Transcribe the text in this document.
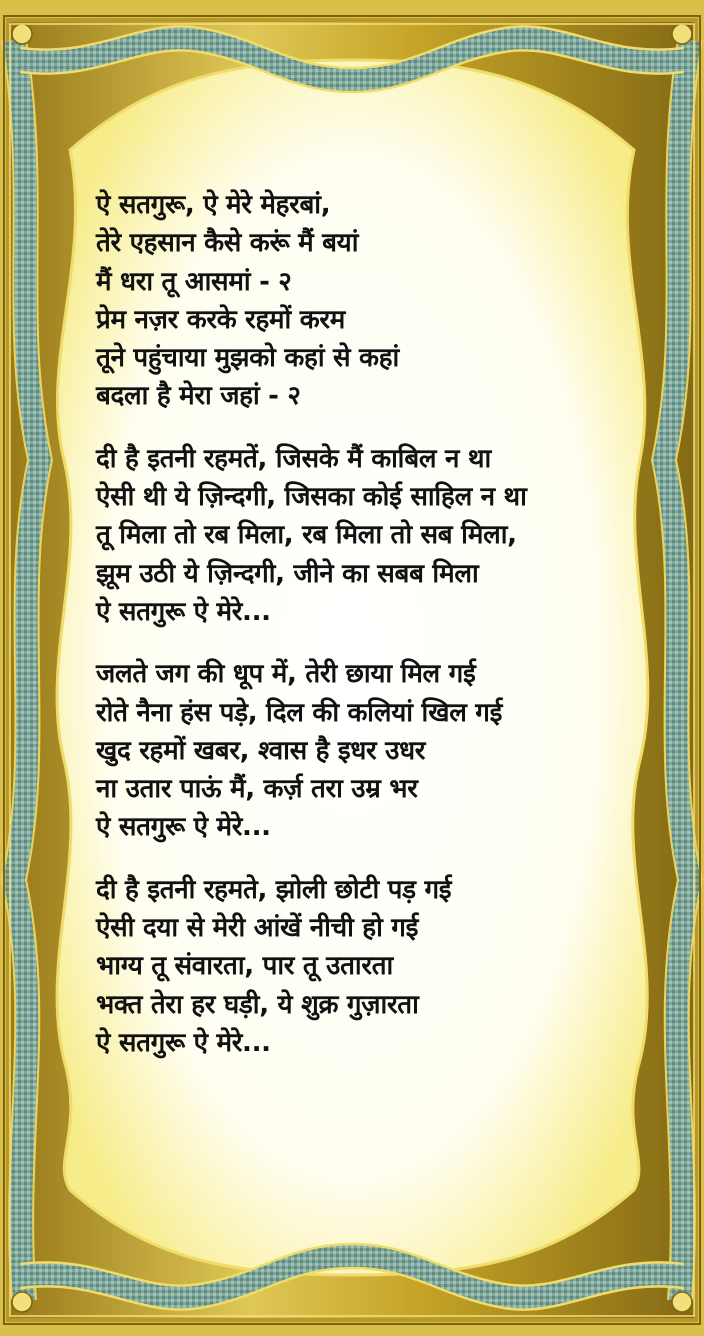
ऐ सतगुरू, ऐ मेरे मेहरबां,
तेरे एहसान कैसे करूं मैं बयां
मैं धरा तू आसमां - २
प्रेम नज़र करके रहमों करम
तूने पहुंचाया मुझको कहां से कहां
बदला है मेरा जहां - २
दी है इतनी रहमतें, जिसके मैं काबिल न था
ऐसी थी ये ज़िन्दगी, जिसका कोई साहिल न था
तू मिला तो रब मिला, रब मिला तो सब मिला,
झूम उठी ये ज़िन्दगी, जीने का सबब मिला
ऐ सतगुरू ऐ मेरे...
जलते जग की धूप में, तेरी छाया मिल गई
रोते नैना हंस पड़े, दिल की कलियां खिल गई
खुद रहमों खबर, श्वास है इधर उधर
ना उतार पाऊं मैं, कर्ज़ तरा उम्र भर
ऐ सतगुरू ऐ मेरे...
दी है इतनी रहमते, झोली छोटी पड़ गई
ऐसी दया से मेरी आंखें नीची हो गई
भाग्य तू संवारता, पार तू उतारता
भक्त तेरा हर घड़ी, ये शुक्र गुज़ारता
ऐ सतगुरू ऐ मेरे...
